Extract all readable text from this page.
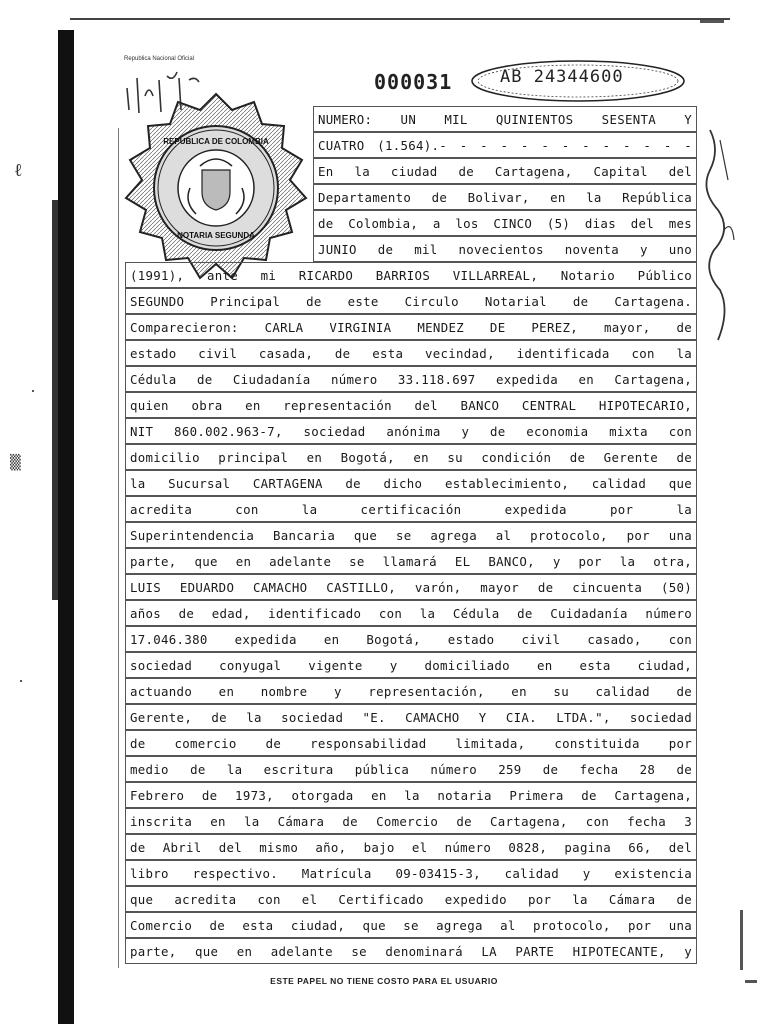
Republica Nacional Oficial
REPUBLICA DE COLOMBIA
NOTARIA SEGUNDA
000031	AB 24344600
ℓ
▒
NUMERO: UN MIL QUINIENTOS SESENTA Y
CUATRO (1.564).- - - - - - - - - - - - -
En la ciudad de Cartagena, Capital del
Departamento de Bolivar, en la República
de Colombia, a los CINCO (5) dias del mes
JUNIO de mil novecientos noventa y uno
(1991), ante mi RICARDO BARRIOS VILLARREAL, Notario Público
SEGUNDO Principal de este Circulo Notarial de Cartagena.
Comparecieron: CARLA VIRGINIA MENDEZ DE PEREZ, mayor, de
estado civil casada, de esta vecindad, identificada con la
Cédula de Ciudadanía número 33.118.697 expedida en Cartagena,
quien obra en representación del BANCO CENTRAL HIPOTECARIO,
NIT 860.002.963-7, sociedad anónima y de economia mixta con
domicilio principal en Bogotá, en su condición de Gerente de
la Sucursal CARTAGENA de dicho establecimiento, calidad que
acredita con la certificación expedida por la
Superintendencia Bancaria que se agrega al protocolo, por una
parte, que en adelante se llamará EL BANCO, y por la otra,
LUIS EDUARDO CAMACHO CASTILLO, varón, mayor de cincuenta (50)
años de edad, identificado con la Cédula de Cuidadanía número
17.046.380 expedida en Bogotá, estado civil casado, con
sociedad conyugal vigente y domiciliado en esta ciudad,
actuando en nombre y representación, en su calidad de
Gerente, de la sociedad "E. CAMACHO Y CIA. LTDA.", sociedad
de comercio de responsabilidad limitada, constituida por
medio de la escritura pública número 259 de fecha 28 de
Febrero de 1973, otorgada en la notaria Primera de Cartagena,
inscrita en la Cámara de Comercio de Cartagena, con fecha 3
de Abril del mismo año, bajo el número 0828, pagina 66, del
libro respectivo. Matrícula 09-03415-3, calidad y existencia
que acredita con el Certificado expedido por la Cámara de
Comercio de esta ciudad, que se agrega al protocolo, por una
parte, que en adelante se denominará LA PARTE HIPOTECANTE, y
ESTE PAPEL NO TIENE COSTO PARA EL USUARIO
